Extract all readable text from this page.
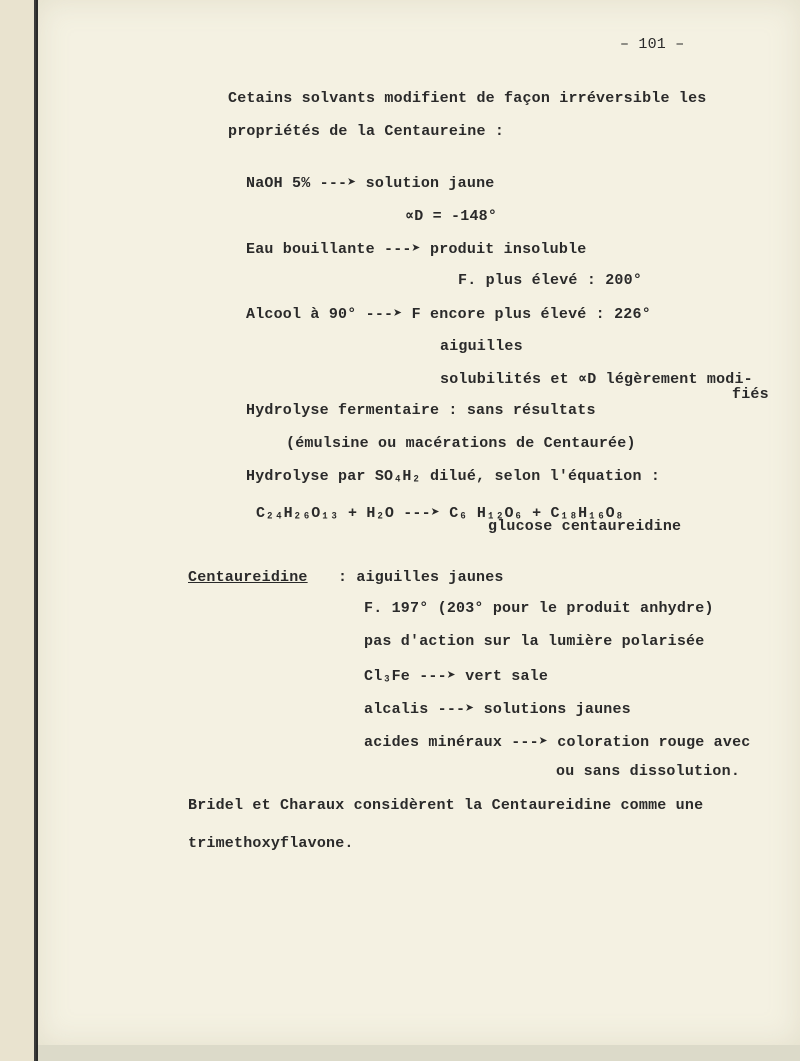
– 101 –
Cetains solvants modifient de façon irréversible les
propriétés de la Centaureine :
NaOH 5% ---➤ solution jaune
∝D = -148°
Eau bouillante ---➤ produit insoluble
F. plus élevé : 200°
Alcool à 90° ---➤ F encore plus élevé : 226°
aiguilles
solubilités et ∝D légèrement modi-
fiés
Hydrolyse fermentaire : sans résultats
(émulsine ou macérations de Centaurée)
Hydrolyse par SO₄H₂ dilué, selon l'équation :
C₂₄H₂₆O₁₃ + H₂O ---➤ C₆ H₁₂O₆ + C₁₈H₁₆O₈
glucose centaureidine
Centaureidine : aiguilles jaunes
F. 197° (203° pour le produit anhydre)
pas d'action sur la lumière polarisée
Cl₃Fe ---➤ vert sale
alcalis ---➤ solutions jaunes
acides minéraux ---➤ coloration rouge avec
ou sans dissolution.
Bridel et Charaux considèrent la Centaureidine comme une
trimethoxyflavone.
